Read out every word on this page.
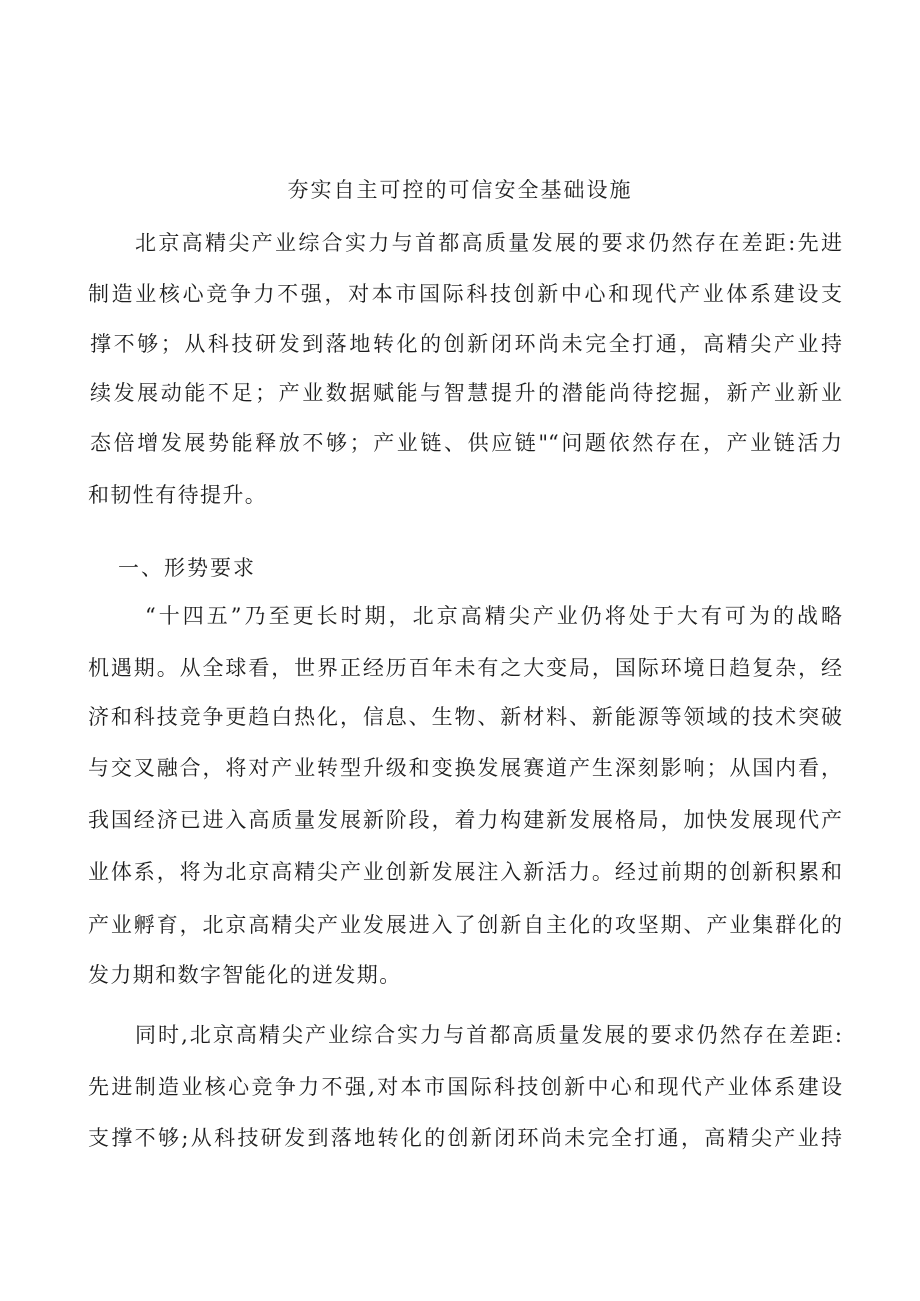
夯实自主可控的可信安全基础设施
北京高精尖产业综合实力与首都高质量发展的要求仍然存在差距:先进
制造业核心竞争力不强，对本市国际科技创新中心和现代产业体系建设支
撑不够；从科技研发到落地转化的创新闭环尚未完全打通，高精尖产业持
续发展动能不足；产业数据赋能与智慧提升的潜能尚待挖掘，新产业新业
态倍增发展势能释放不够；产业链、供应链"“问题依然存在，产业链活力
和韧性有待提升。
一、形势要求
“十四五”乃至更长时期，北京高精尖产业仍将处于大有可为的战略
机遇期。从全球看，世界正经历百年未有之大变局，国际环境日趋复杂，经
济和科技竞争更趋白热化，信息、生物、新材料、新能源等领域的技术突破
与交叉融合，将对产业转型升级和变换发展赛道产生深刻影响；从国内看，
我国经济已进入高质量发展新阶段，着力构建新发展格局，加快发展现代产
业体系，将为北京高精尖产业创新发展注入新活力。经过前期的创新积累和
产业孵育，北京高精尖产业发展进入了创新自主化的攻坚期、产业集群化的
发力期和数字智能化的迸发期。
同时,北京高精尖产业综合实力与首都高质量发展的要求仍然存在差距:
先进制造业核心竞争力不强,对本市国际科技创新中心和现代产业体系建设
支撑不够;从科技研发到落地转化的创新闭环尚未完全打通，高精尖产业持
